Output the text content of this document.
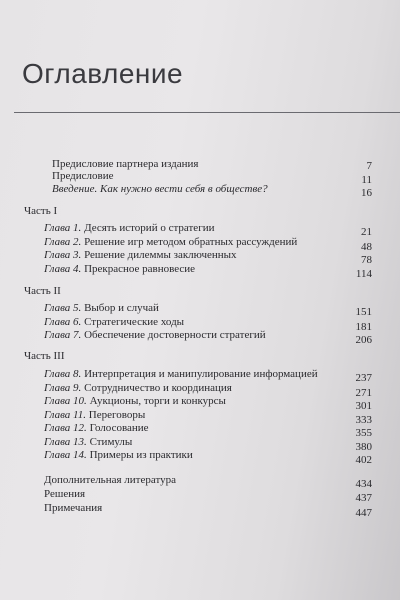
Оглавление
Предисловие партнера издания	7
Предисловие	11
Введение. Как нужно вести себя в обществе?	16
Часть I
Глава 1. Десять историй о стратегии	21
Глава 2. Решение игр методом обратных рассуждений	48
Глава 3. Решение дилеммы заключенных	78
Глава 4. Прекрасное равновесие	114
Часть II
Глава 5. Выбор и случай	151
Глава 6. Стратегические ходы	181
Глава 7. Обеспечение достоверности стратегий	206
Часть III
Глава 8. Интерпретация и манипулирование информацией	237
Глава 9. Сотрудничество и координация	271
Глава 10. Аукционы, торги и конкурсы	301
Глава 11. Переговоры	333
Глава 12. Голосование	355
Глава 13. Стимулы	380
Глава 14. Примеры из практики	402
Дополнительная литература	434
Решения	437
Примечания	447
